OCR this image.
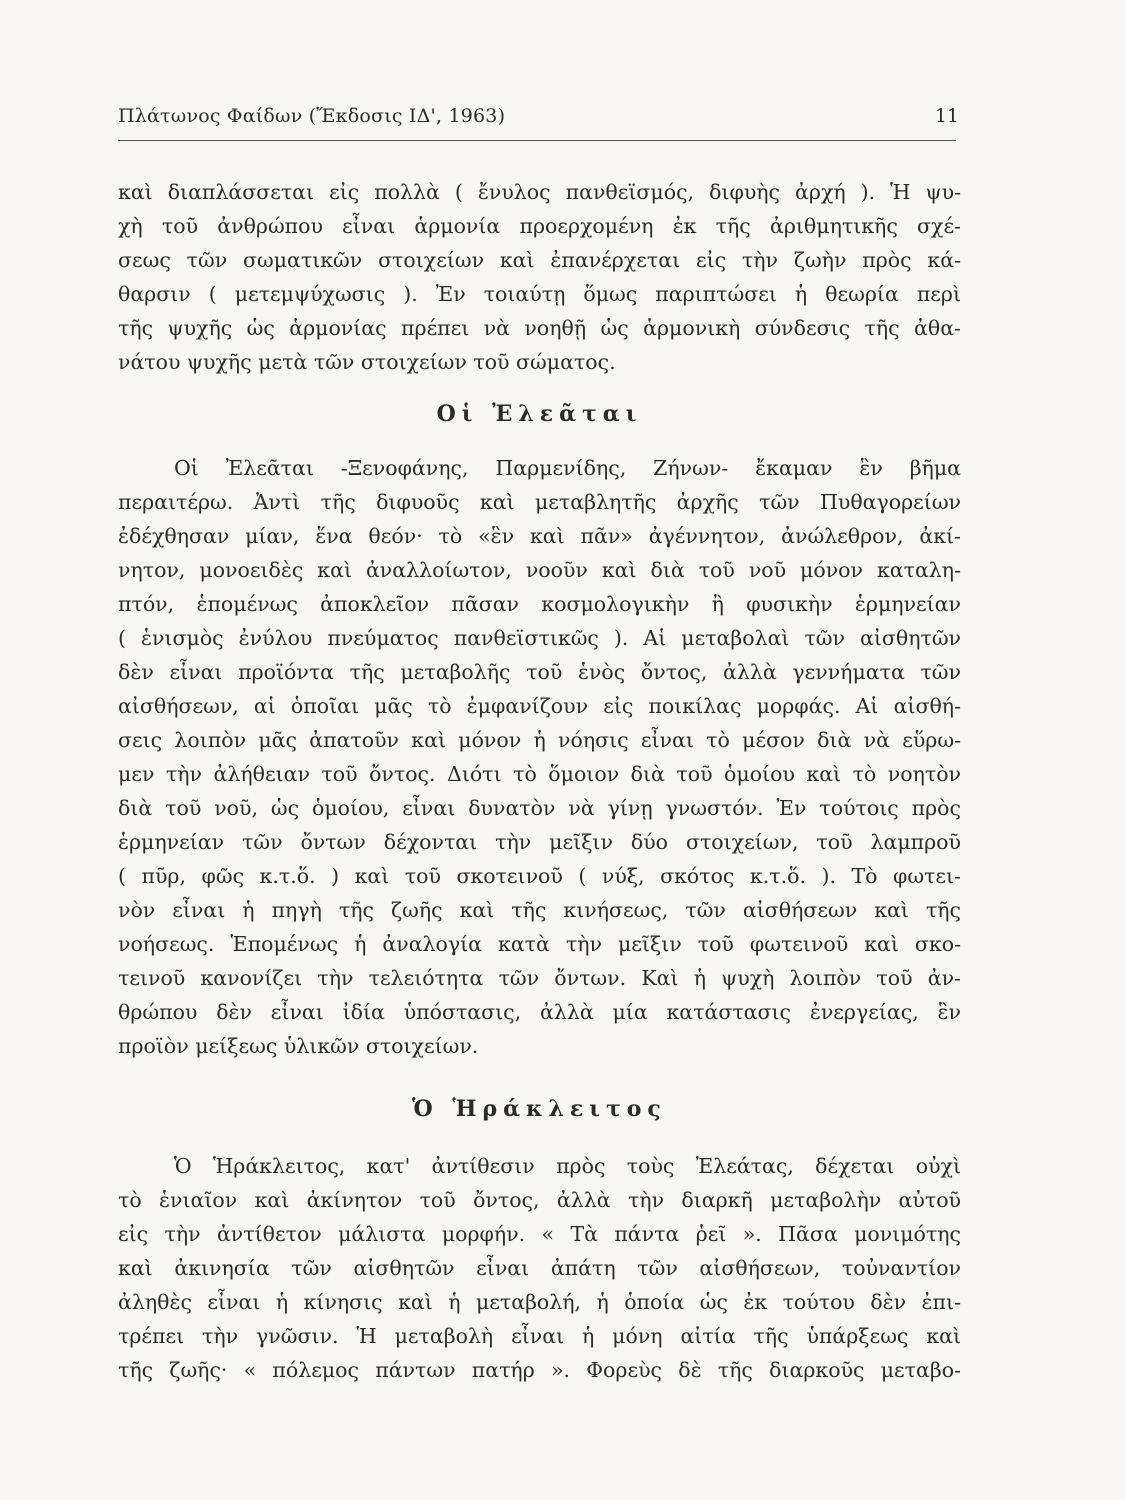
Πλάτωνος Φαίδων (Ἔκδοσις ΙΔ', 1963)	11
καὶ διαπλάσσεται εἰς πολλὰ ( ἔνυλος πανθεϊσμός, διφυὴς ἀρχή ). Ἡ ψυ-
χὴ τοῦ ἀνθρώπου εἶναι ἁρμονία προερχομένη ἐκ τῆς ἀριθμητικῆς σχέ-
σεως τῶν σωματικῶν στοιχείων καὶ ἐπανέρχεται εἰς τὴν ζωὴν πρὸς κά-
θαρσιν ( μετεμψύχωσις ). Ἐν τοιαύτῃ ὅμως παριπτώσει ἡ θεωρία περὶ
τῆς ψυχῆς ὡς ἁρμονίας πρέπει νὰ νοηθῇ ὡς ἁρμονικὴ σύνδεσις τῆς ἀθα-
νάτου ψυχῆς μετὰ τῶν στοιχείων τοῦ σώματος.
Οἱ Ἐλεᾶται
Οἱ Ἐλεᾶται -Ξενοφάνης, Παρμενίδης, Ζήνων- ἔκαμαν ἓν βῆμα
περαιτέρω. Ἀντὶ τῆς διφυοῦς καὶ μεταβλητῆς ἀρχῆς τῶν Πυθαγορείων
ἐδέχθησαν μίαν, ἕνα θεόν· τὸ «ἓν καὶ πᾶν» ἀγέννητον, ἀνώλεθρον, ἀκί-
νητον, μονοειδὲς καὶ ἀναλλοίωτον, νοοῦν καὶ διὰ τοῦ νοῦ μόνον καταλη-
πτόν, ἑπομένως ἀποκλεῖον πᾶσαν κοσμολογικὴν ἢ φυσικὴν ἑρμηνείαν
( ἑνισμὸς ἐνύλου πνεύματος πανθεϊστικῶς ). Αἱ μεταβολαὶ τῶν αἰσθητῶν
δὲν εἶναι προϊόντα τῆς μεταβολῆς τοῦ ἑνὸς ὄντος, ἀλλὰ γεννήματα τῶν
αἰσθήσεων, αἱ ὁποῖαι μᾶς τὸ ἐμφανίζουν εἰς ποικίλας μορφάς. Αἱ αἰσθή-
σεις λοιπὸν μᾶς ἀπατοῦν καὶ μόνον ἡ νόησις εἶναι τὸ μέσον διὰ νὰ εὕρω-
μεν τὴν ἀλήθειαν τοῦ ὄντος. Διότι τὸ ὅμοιον διὰ τοῦ ὁμοίου καὶ τὸ νοητὸν
διὰ τοῦ νοῦ, ὡς ὁμοίου, εἶναι δυνατὸν νὰ γίνῃ γνωστόν. Ἐν τούτοις πρὸς
ἑρμηνείαν τῶν ὄντων δέχονται τὴν μεῖξιν δύο στοιχείων, τοῦ λαμπροῦ
( πῦρ, φῶς κ.τ.ὅ. ) καὶ τοῦ σκοτεινοῦ ( νύξ, σκότος κ.τ.ὅ. ). Τὸ φωτει-
νὸν εἶναι ἡ πηγὴ τῆς ζωῆς καὶ τῆς κινήσεως, τῶν αἰσθήσεων καὶ τῆς
νοήσεως. Ἑπομένως ἡ ἀναλογία κατὰ τὴν μεῖξιν τοῦ φωτεινοῦ καὶ σκο-
τεινοῦ κανονίζει τὴν τελειότητα τῶν ὄντων. Καὶ ἡ ψυχὴ λοιπὸν τοῦ ἀν-
θρώπου δὲν εἶναι ἰδία ὑπόστασις, ἀλλὰ μία κατάστασις ἐνεργείας, ἓν
προϊὸν μείξεως ὑλικῶν στοιχείων.
Ὁ Ἡράκλειτος
Ὁ Ἡράκλειτος, κατ' ἀντίθεσιν πρὸς τοὺς Ἐλεάτας, δέχεται οὐχὶ
τὸ ἑνιαῖον καὶ ἀκίνητον τοῦ ὄντος, ἀλλὰ τὴν διαρκῆ μεταβολὴν αὐτοῦ
εἰς τὴν ἀντίθετον μάλιστα μορφήν. « Τὰ πάντα ῥεῖ ». Πᾶσα μονιμότης
καὶ ἀκινησία τῶν αἰσθητῶν εἶναι ἀπάτη τῶν αἰσθήσεων, τοὐναντίον
ἀληθὲς εἶναι ἡ κίνησις καὶ ἡ μεταβολή, ἡ ὁποία ὡς ἐκ τούτου δὲν ἐπι-
τρέπει τὴν γνῶσιν. Ἡ μεταβολὴ εἶναι ἡ μόνη αἰτία τῆς ὑπάρξεως καὶ
τῆς ζωῆς· « πόλεμος πάντων πατήρ ». Φορεὺς δὲ τῆς διαρκοῦς μεταβο-
